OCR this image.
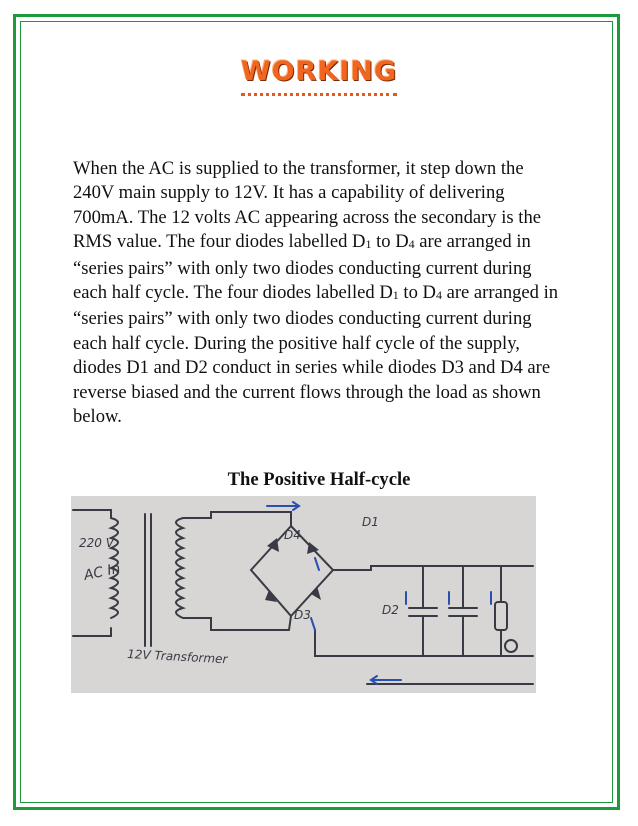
WORKING

When the AC is supplied to the transformer, it step down the 240V main supply to 12V. It has a capability of delivering 700mA. The 12 volts AC appearing across the secondary is the RMS value. The four diodes labelled $D_1$ to $D_4$ are arranged in “series pairs” with only two diodes conducting current during each half cycle. The four diodes labelled $D_1$ to $D_4$ are arranged in “series pairs” with only two diodes conducting current during each half cycle. During the positive half cycle of the supply, diodes D1 and D2 conduct in series while diodes D3 and D4 are reverse biased and the current flows through the load as shown below.

The Positive Half-cycle
220 V
AC In
12V Transformer
D4
D1
D3	D2
